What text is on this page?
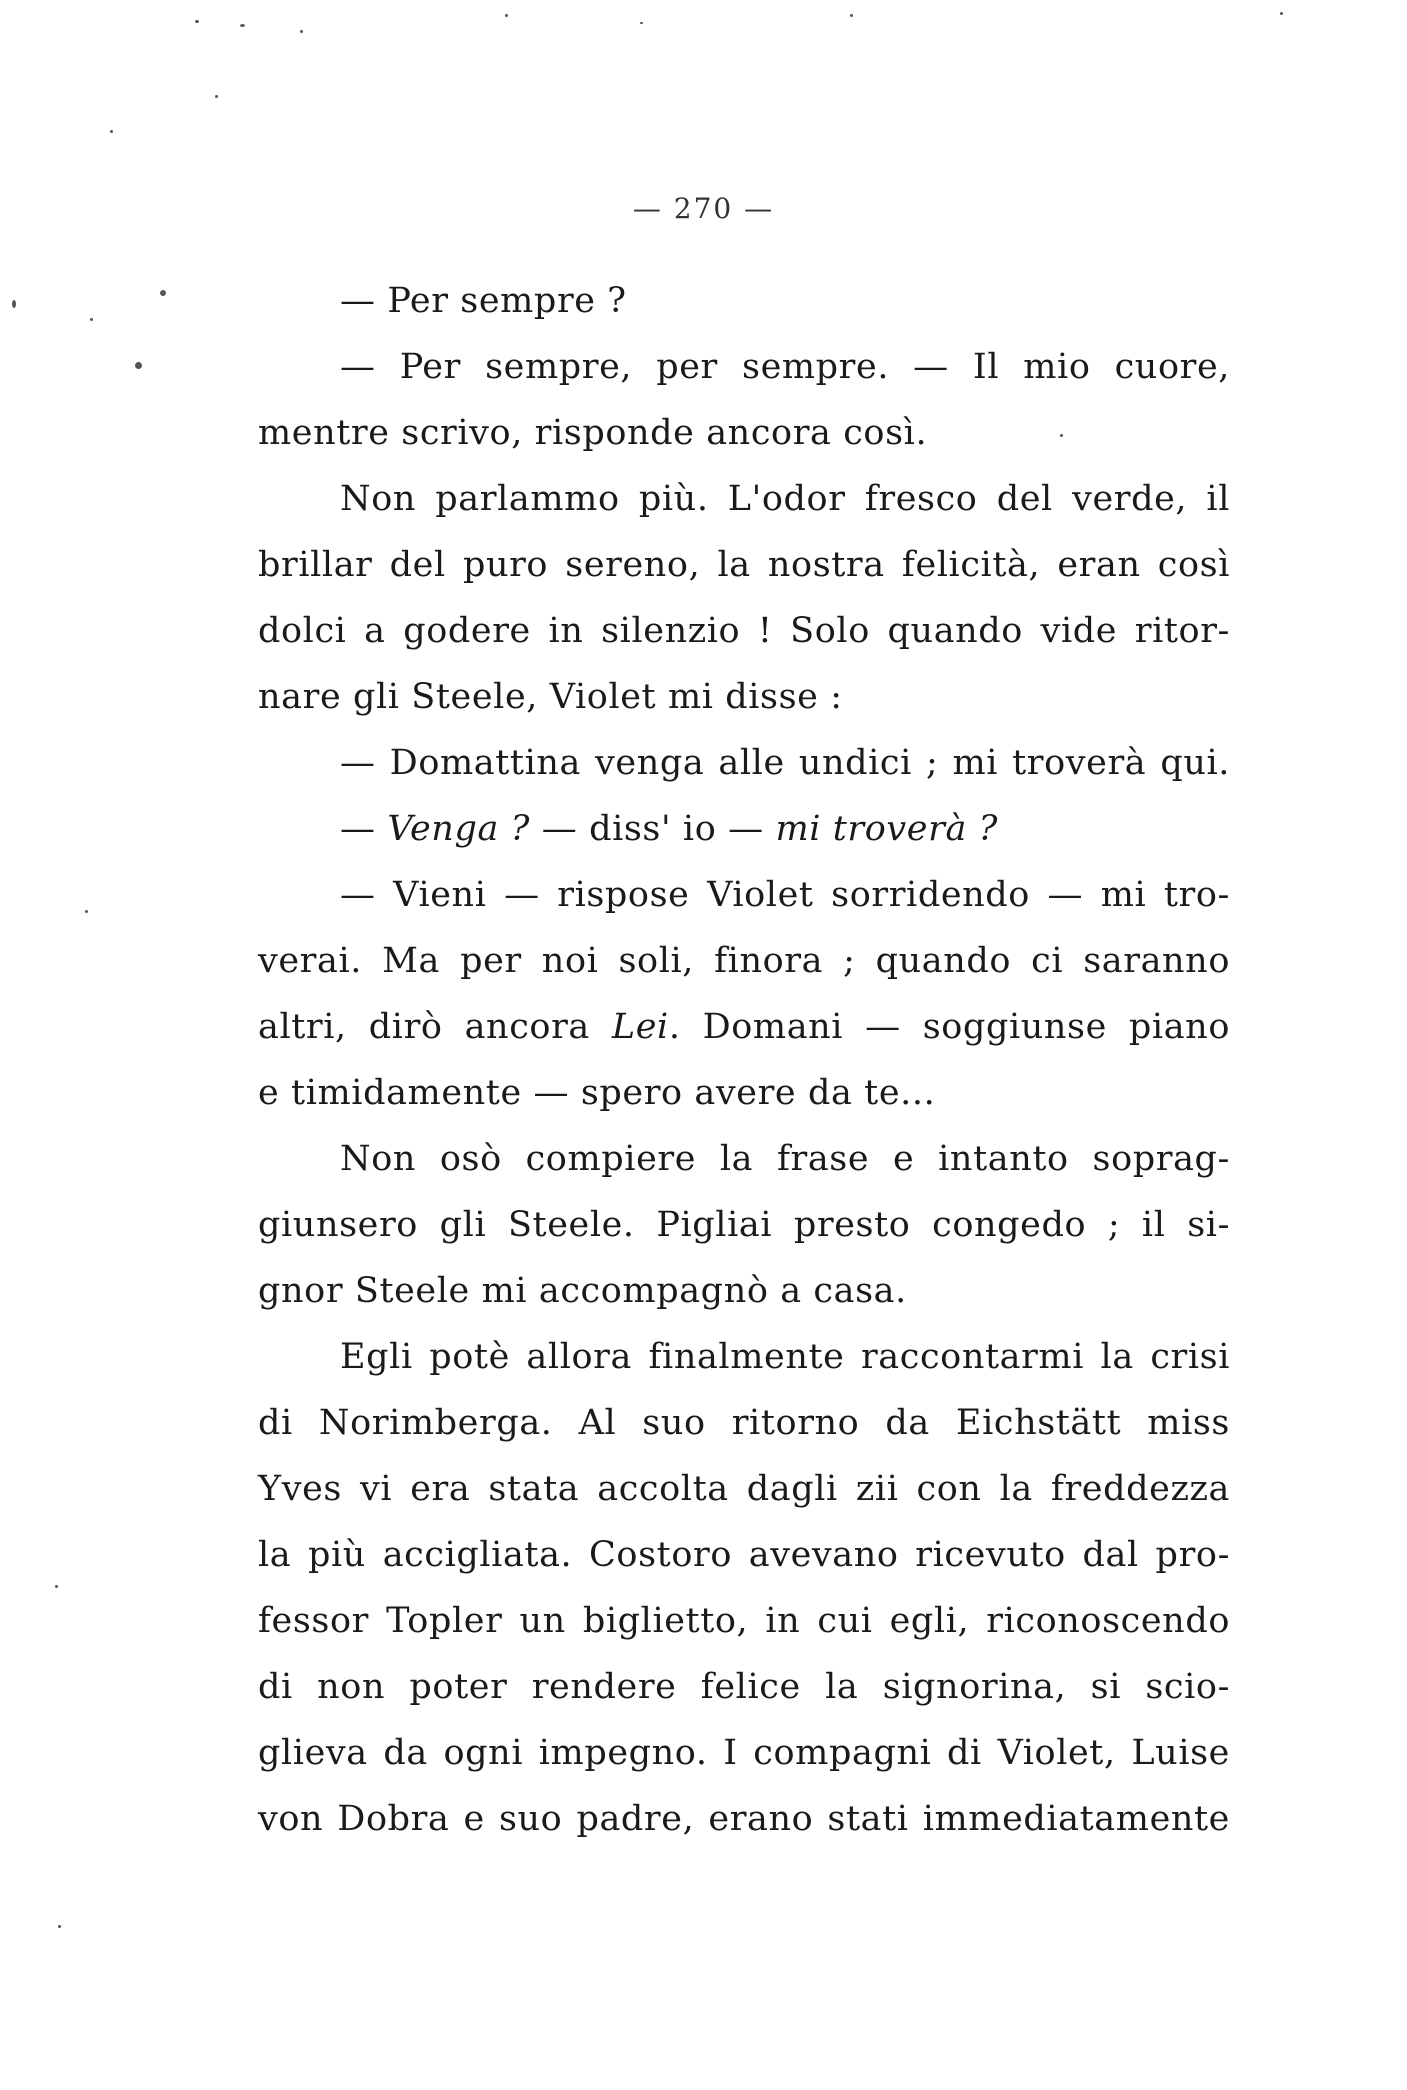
— 270 —
— Per sempre ?
— Per sempre, per sempre. — Il mio cuore,
mentre scrivo, risponde ancora così.
Non parlammo più. L'odor fresco del verde, il
brillar del puro sereno, la nostra felicità, eran così
dolci a godere in silenzio ! Solo quando vide ritor-
nare gli Steele, Violet mi disse :
— Domattina venga alle undici ; mi troverà qui.
— Venga ? — diss' io — mi troverà ?
— Vieni — rispose Violet sorridendo — mi tro-
verai. Ma per noi soli, finora ; quando ci saranno
altri, dirò ancora Lei. Domani — soggiunse piano
e timidamente — spero avere da te...
Non osò compiere la frase e intanto soprag-
giunsero gli Steele. Pigliai presto congedo ; il si-
gnor Steele mi accompagnò a casa.
Egli potè allora finalmente raccontarmi la crisi
di Norimberga. Al suo ritorno da Eichstätt miss
Yves vi era stata accolta dagli zii con la freddezza
la più accigliata. Costoro avevano ricevuto dal pro-
fessor Topler un biglietto, in cui egli, riconoscendo
di non poter rendere felice la signorina, si scio-
glieva da ogni impegno. I compagni di Violet, Luise
von Dobra e suo padre, erano stati immediatamente
